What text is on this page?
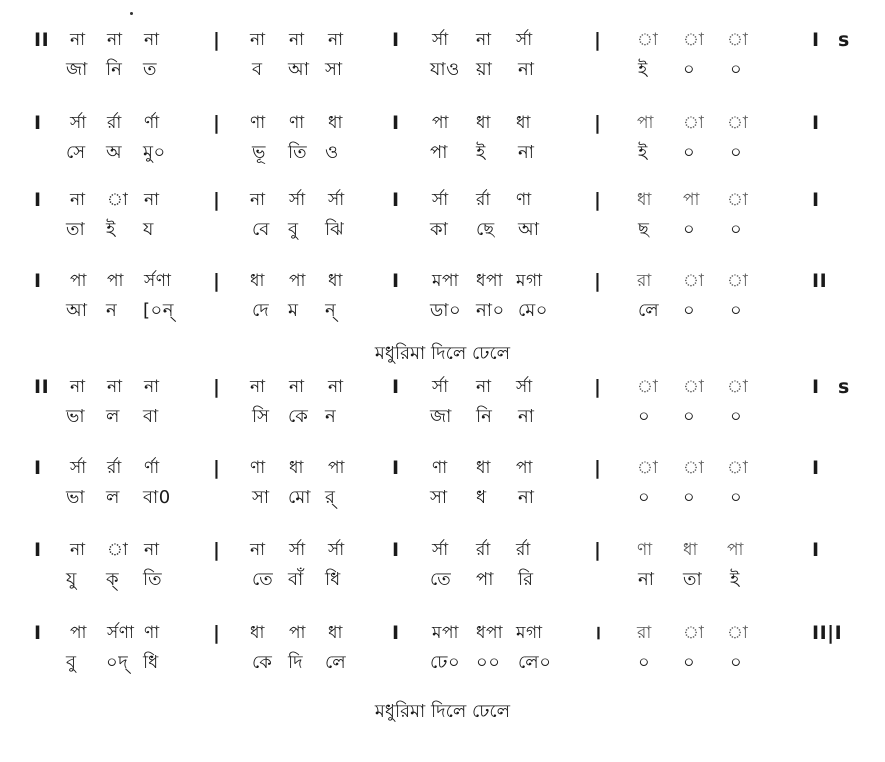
II না না না	| না না না	I র্সা না র্সা	| া া া	I s
জা নি ত	ব আ সা	যাও য়া না	ই ০ ০
I র্সা র্রা র্ণা	| ণা ণা ধা	I পা ধা ধা	| পা া া	I
সে অ মু০	ভূ তি ও	পা ই না	ই ০ ০
I না া না	| না র্সা র্সা I র্সা র্রা ণা	| ধা পা া	I
তা ই য	বে বু ঝি	কা ছে আ	ছ ০ ০
I পা পা র্সণা | ধা পা ধা	I মপা ধপা মগা	| রা া া	II
আ ন [০ন্	দে ম ন্	ডা০ না০ মে০	লে ০ ০
মধুরিমা দিলে ঢেলে
II না না না	| না না না	I র্সা না র্সা	| া া া	I s
ভা ল বা	সি কে ন	জা নি না	০ ০ ০
I র্সা র্রা র্ণা	| ণা ধা পা I ণা ধা পা	| া া া	I
ভা ল বা0	সা মো র্	সা ধ না	০ ০ ০
I না া না	| না র্সা র্সা I র্সা র্রা র্রা	| ণা ধা পা	I
যু ক্ তি	তে বাঁ ধি	তে পা রি	না তা ই
I পা র্সণা ণা	| ধা পা ধা	I মপা ধপা মগা	। রা া া	II|I
বু ০দ্ ধি	কে দি লে	ঢে০ ০০ লে০	০ ০ ০
মধুরিমা দিলে ঢেলে
